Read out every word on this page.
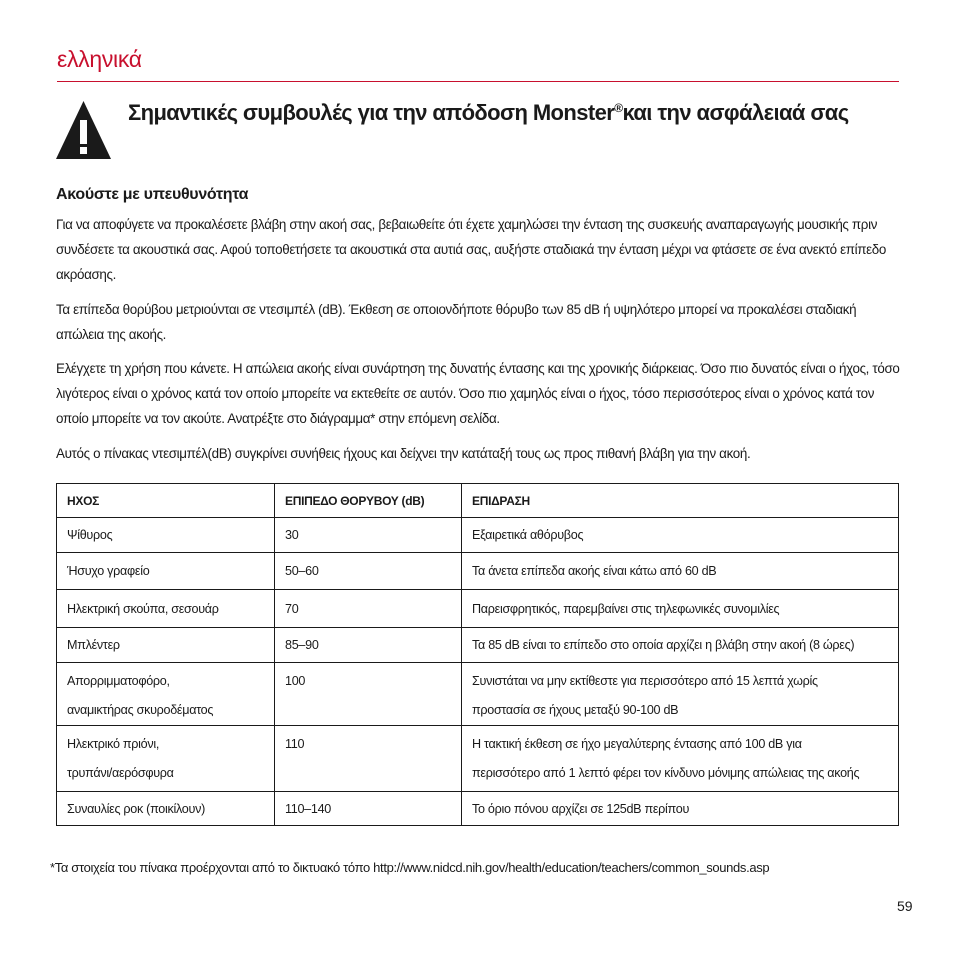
ελληνικά
Σημαντικές συμβουλές για την απόδοση Monster®και την ασφάλειαά σας
Ακούστε με υπευθυνότητα

Για να αποφύγετε να προκαλέσετε βλάβη στην ακοή σας, βεβαιωθείτε ότι έχετε χαμηλώσει την ένταση της συσκευής αναπαραγωγής μουσικής πριν συνδέσετε τα ακουστικά σας. Αφού τοποθετήσετε τα ακουστικά στα αυτιά σας, αυξήστε σταδιακά την ένταση μέχρι να φτάσετε σε ένα ανεκτό επίπεδο ακρόασης.

Τα επίπεδα θορύβου μετριούνται σε ντεσιμπέλ (dB). Έκθεση σε οποιονδήποτε θόρυβο των 85 dB ή υψηλότερο μπορεί να προκαλέσει σταδιακή απώλεια της ακοής.

Ελέγχετε τη χρήση που κάνετε. Η απώλεια ακοής είναι συνάρτηση της δυνατής έντασης και της χρονικής διάρκειας. Όσο πιο δυνατός είναι ο ήχος, τόσο λιγότερος είναι ο χρόνος κατά τον οποίο μπορείτε να εκτεθείτε σε αυτόν. Όσο πιο χαμηλός είναι ο ήχος, τόσο περισσότερος είναι ο χρόνος κατά τον οποίο μπορείτε να τον ακούτε. Ανατρέξτε στο διάγραμμα* στην επόμενη σελίδα.

Αυτός ο πίνακας ντεσιμπέλ(dB) συγκρίνει συνήθεις ήχους και δείχνει την κατάταξή τους ως προς πιθανή βλάβη για την ακοή.

ΗΧΟΣ	ΕΠΙΠΕΔΟ ΘΟΡΥΒΟΥ (dB)	ΕΠΙΔΡΑΣΗ
Ψίθυρος	30	Εξαιρετικά αθόρυβος
Ήσυχο γραφείο	50–60	Τα άνετα επίπεδα ακοής είναι κάτω από 60 dB
Ηλεκτρική σκούπα, σεσουάρ	70	Παρεισφρητικός, παρεμβαίνει στις τηλεφωνικές συνομιλίες
Μπλέντερ	85–90	Τα 85 dB είναι το επίπεδο στο οποία αρχίζει η βλάβη στην ακοή (8 ώρες)

Απορριμματοφόρο,
αναμικτήρας σκυροδέματος	100	Συνιστάται να μην εκτίθεστε για περισσότερο από 15 λεπτά χωρίς
προστασία σε ήχους μεταξύ 90-100 dB

Ηλεκτρικό πριόνι,
τρυπάνι/αερόσφυρα	110	Η τακτική έκθεση σε ήχο μεγαλύτερης έντασης από 100 dB για
περισσότερο από 1 λεπτό φέρει τον κίνδυνο μόνιμης απώλειας της ακοής

Συναυλίες ροκ (ποικίλουν)	110–140	Το όριο πόνου αρχίζει σε 125dB περίπου
*Τα στοιχεία του πίνακα προέρχονται από το δικτυακό τόπο http://www.nidcd.nih.gov/health/education/teachers/common_sounds.asp
59
